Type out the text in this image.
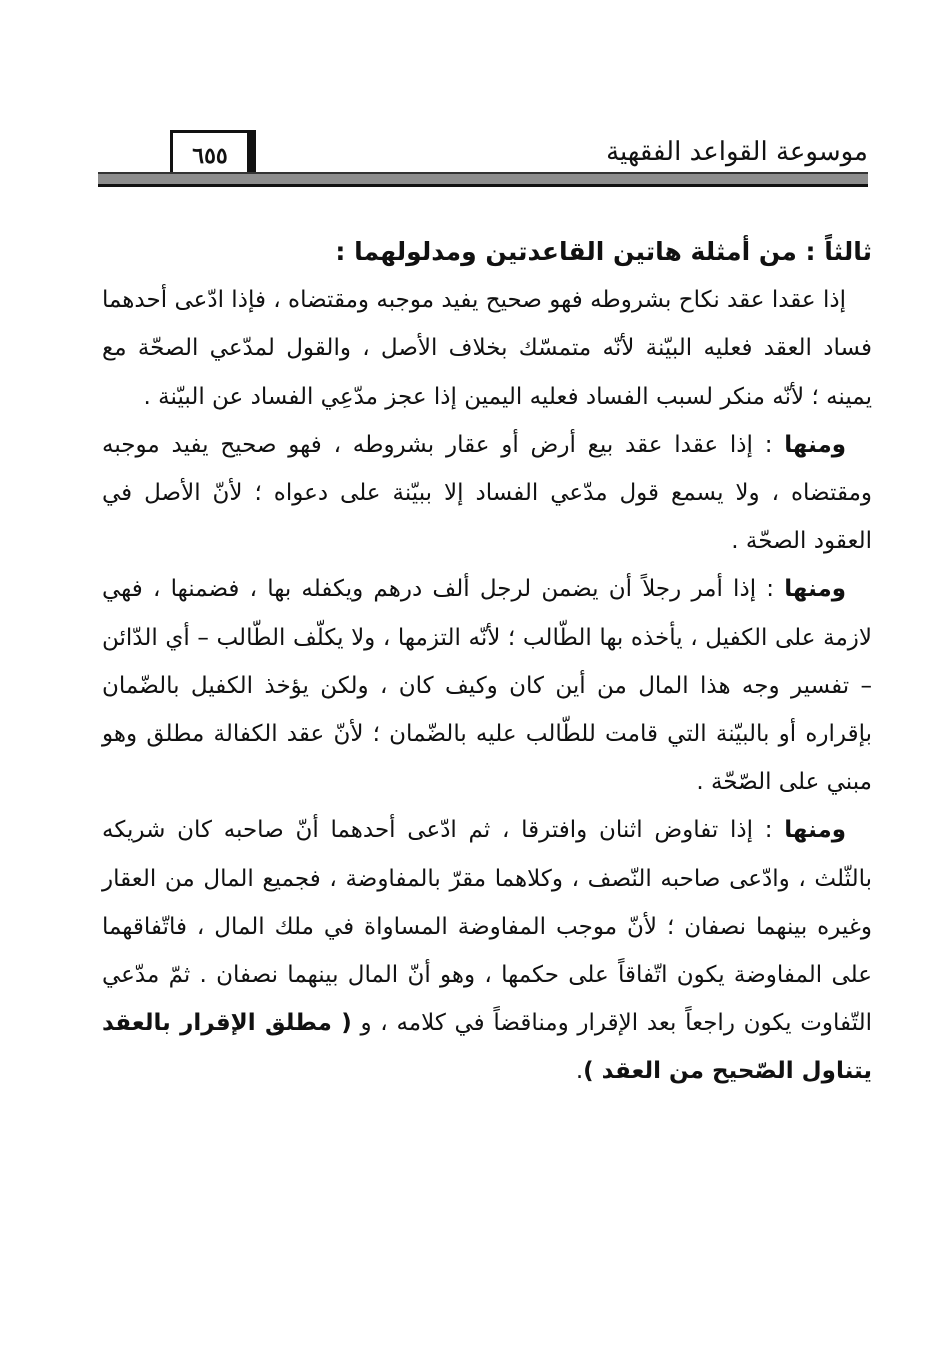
موسوعة القواعد الفقهية
٦٥٥

ثالثاً : من أمثلة هاتين القاعدتين ومدلولهما :

إذا عقدا عقد نكاح بشروطه فهو صحيح يفيد موجبه ومقتضاه ، فإذا ادّعى أحدهما فساد العقد فعليه البيّنة لأنّه متمسّك بخلاف الأصل ، والقول لمدّعي الصحّة مع يمينه ؛ لأنّه منكر لسبب الفساد فعليه اليمين إذا عجز مدّعِي الفساد عن البيّنة .

ومنها : إذا عقدا عقد بيع أرض أو عقار بشروطه ، فهو صحيح يفيد موجبه ومقتضاه ، ولا يسمع قول مدّعي الفساد إلا ببيّنة على دعواه ؛ لأنّ الأصل في العقود الصحّة .

ومنها : إذا أمر رجلاً أن يضمن لرجل ألف درهم ويكفله بها ، فضمنها ، فهي لازمة على الكفيل ، يأخذه بها الطّالب ؛ لأنّه التزمها ، ولا يكلّف الطّالب – أي الدّائن – تفسير وجه هذا المال من أين كان وكيف كان ، ولكن يؤخذ الكفيل بالضّمان بإقراره أو بالبيّنة التي قامت للطّالب عليه بالضّمان ؛ لأنّ عقد الكفالة مطلق وهو مبني على الصّحّة .

ومنها : إذا تفاوض اثنان وافترقا ، ثم ادّعى أحدهما أنّ صاحبه كان شريكه بالثّلث ، وادّعى صاحبه النّصف ، وكلاهما مقرّ بالمفاوضة ، فجميع المال من العقار وغيره بينهما نصفان ؛ لأنّ موجب المفاوضة المساواة في ملك المال ، فاتّفاقهما على المفاوضة يكون اتّفاقاً على حكمها ، وهو أنّ المال بينهما نصفان . ثمّ مدّعي التّفاوت يكون راجعاً بعد الإقرار ومناقضاً في كلامه ، و ( مطلق الإقرار بالعقد يتناول الصّحيح من العقد ).
